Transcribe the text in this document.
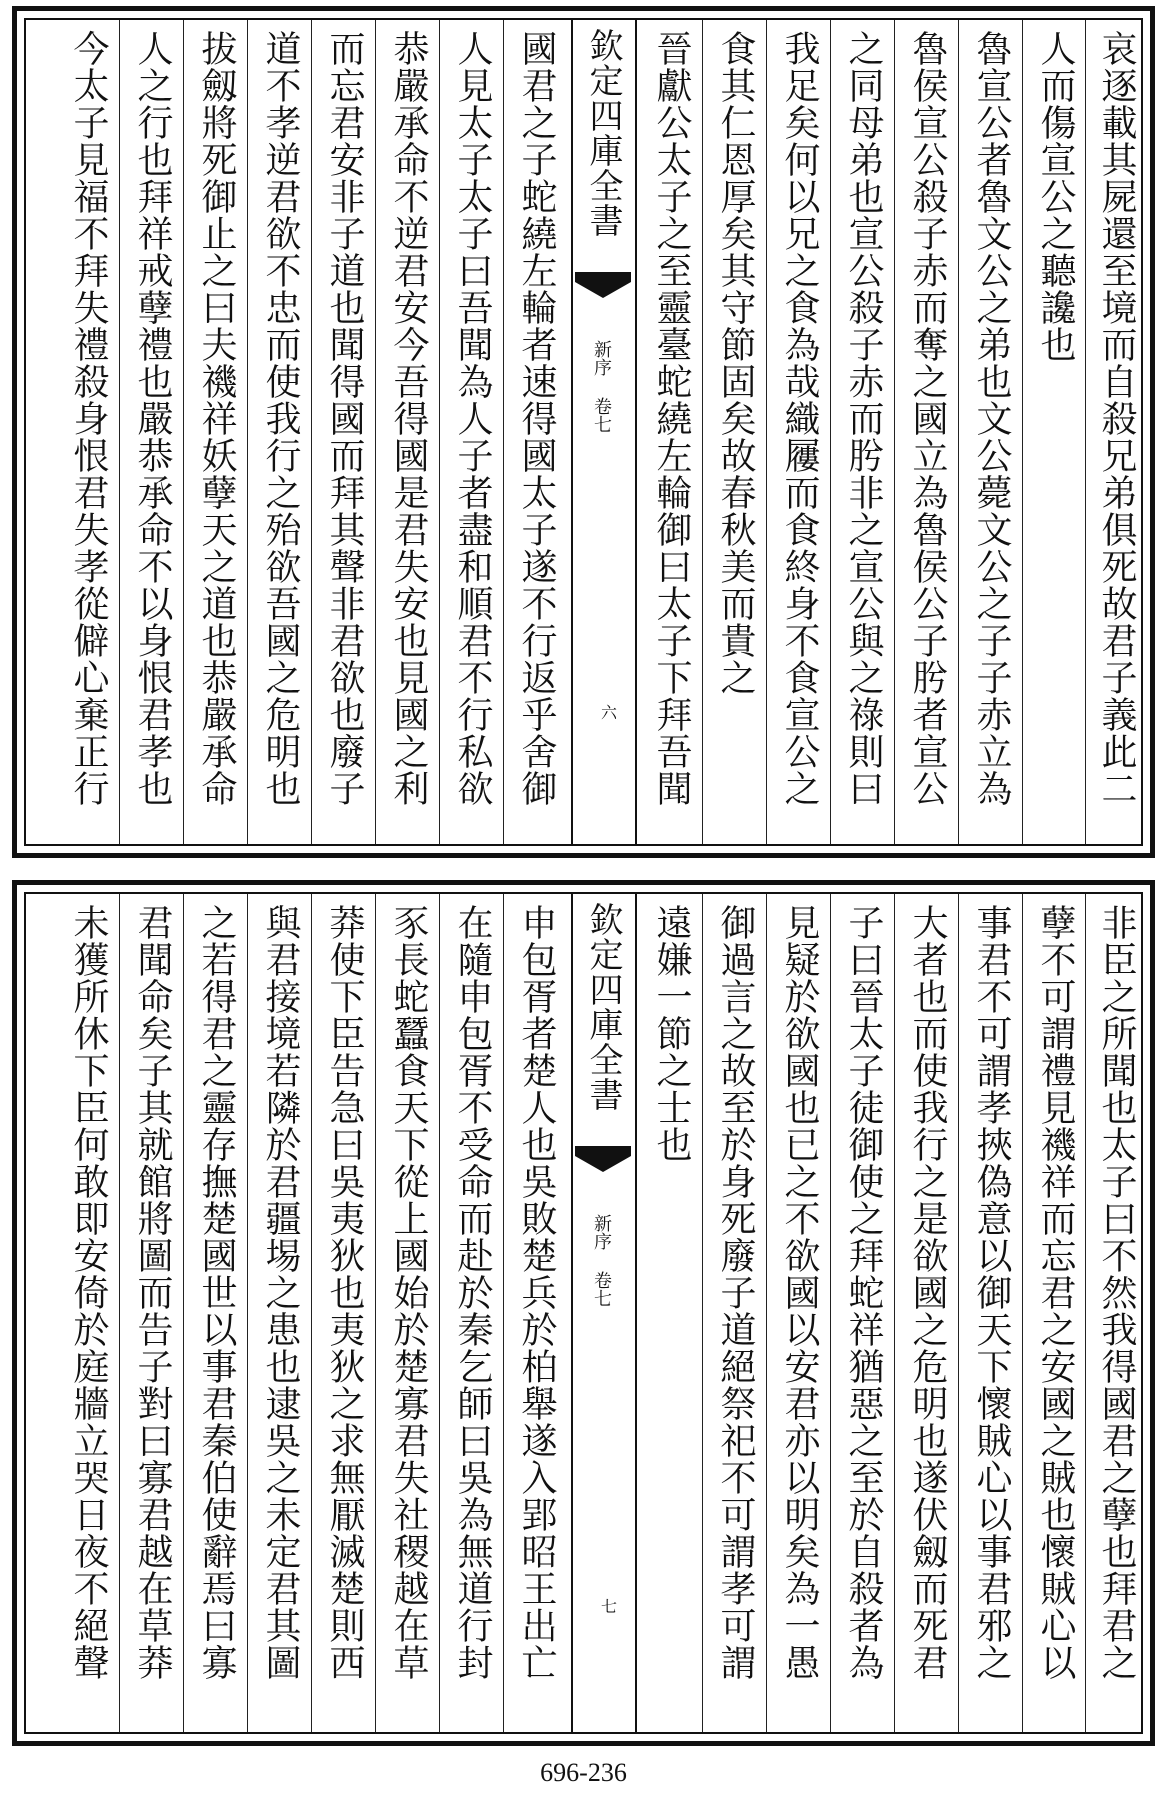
哀逐載其屍還至境而自殺兄弟俱死故君子義此二
人而傷宣公之聽讒也
魯宣公者魯文公之弟也文公薨文公之子子赤立為
魯侯宣公殺子赤而奪之國立為魯侯公子肹者宣公
之同母弟也宣公殺子赤而肹非之宣公與之祿則曰
我足矣何以兄之食為哉織屨而食終身不食宣公之
食其仁恩厚矣其守節固矣故春秋美而貴之
晉獻公太子之至靈臺蛇繞左輪御曰太子下拜吾聞
欽定四庫全書
新序 卷七
六
國君之子蛇繞左輪者速得國太子遂不行返乎舍御
人見太子太子曰吾聞為人子者盡和順君不行私欲
恭嚴承命不逆君安今吾得國是君失安也見國之利
而忘君安非子道也聞得國而拜其聲非君欲也廢子
道不孝逆君欲不忠而使我行之殆欲吾國之危明也
拔劔將死御止之曰夫禨祥妖孽天之道也恭嚴承命
人之行也拜祥戒孽禮也嚴恭承命不以身恨君孝也
今太子見福不拜失禮殺身恨君失孝從僻心棄正行
非臣之所聞也太子曰不然我得國君之孽也拜君之
孽不可謂禮見禨祥而忘君之安國之賊也懷賊心以
事君不可謂孝挾偽意以御天下懷賊心以事君邪之
大者也而使我行之是欲國之危明也遂伏劔而死君
子曰晉太子徒御使之拜蛇祥猶惡之至於自殺者為
見疑於欲國也已之不欲國以安君亦以明矣為一愚
御過言之故至於身死廢子道絕祭祀不可謂孝可謂
遠嫌一節之士也
欽定四庫全書
新序 卷七
七
申包胥者楚人也吳敗楚兵於柏舉遂入郢昭王出亡
在隨申包胥不受命而赴於秦乞師曰吳為無道行封
豕長蛇蠶食天下從上國始於楚寡君失社稷越在草
莽使下臣告急曰吳夷狄也夷狄之求無厭滅楚則西
與君接境若隣於君疆埸之患也逮吳之未定君其圖
之若得君之靈存撫楚國世以事君秦伯使辭焉曰寡
君聞命矣子其就館將圖而告子對曰寡君越在草莽
未獲所休下臣何敢即安倚於庭牆立哭日夜不絕聲
696-236
